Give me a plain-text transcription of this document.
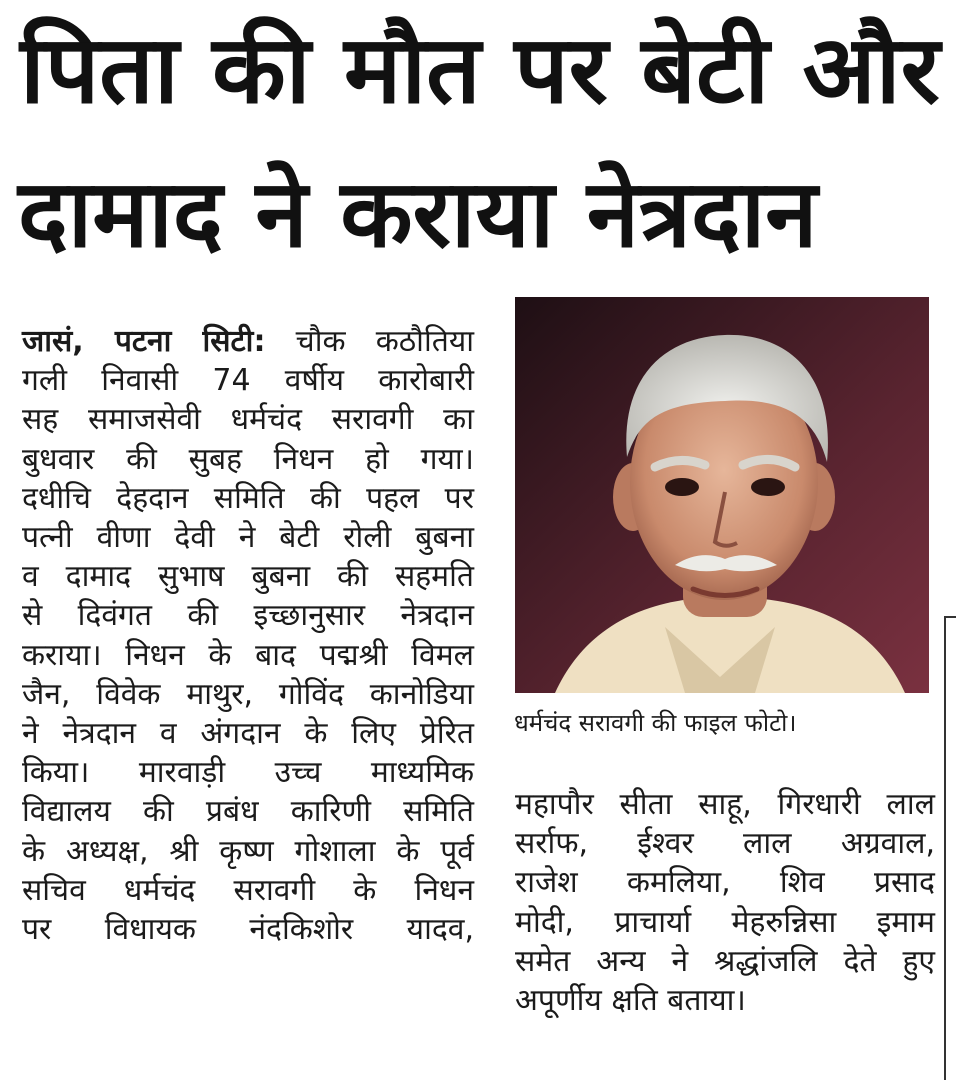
पिता की मौत पर बेटी और
दामाद ने कराया नेत्रदान

जासं, पटना सिटी: चौक कठौतिया

गली निवासी 74 वर्षीय कारोबारी

सह समाजसेवी धर्मचंद सरावगी का

बुधवार की सुबह निधन हो गया।

दधीचि देहदान समिति की पहल पर

पत्नी वीणा देवी ने बेटी रोली बुबना

व दामाद सुभाष बुबना की सहमति

से दिवंगत की इच्छानुसार नेत्रदान

कराया। निधन के बाद पद्मश्री विमल

जैन, विवेक माथुर, गोविंद कानोडिया

ने नेत्रदान व अंगदान के लिए प्रेरित

किया। मारवाड़ी उच्च माध्यमिक

विद्यालय की प्रबंध कारिणी समिति

के अध्यक्ष, श्री कृष्ण गोशाला के पूर्व

सचिव धर्मचंद सरावगी के निधन

पर विधायक नंदकिशोर यादव,

धर्मचंद सरावगी की फाइल फोटो।

महापौर सीता साहू, गिरधारी लाल

सर्राफ, ईश्वर लाल अग्रवाल,

राजेश कमलिया, शिव प्रसाद

मोदी, प्राचार्या मेहरुन्निसा इमाम

समेत अन्य ने श्रद्धांजलि देते हुए

अपूर्णीय क्षति बताया।
